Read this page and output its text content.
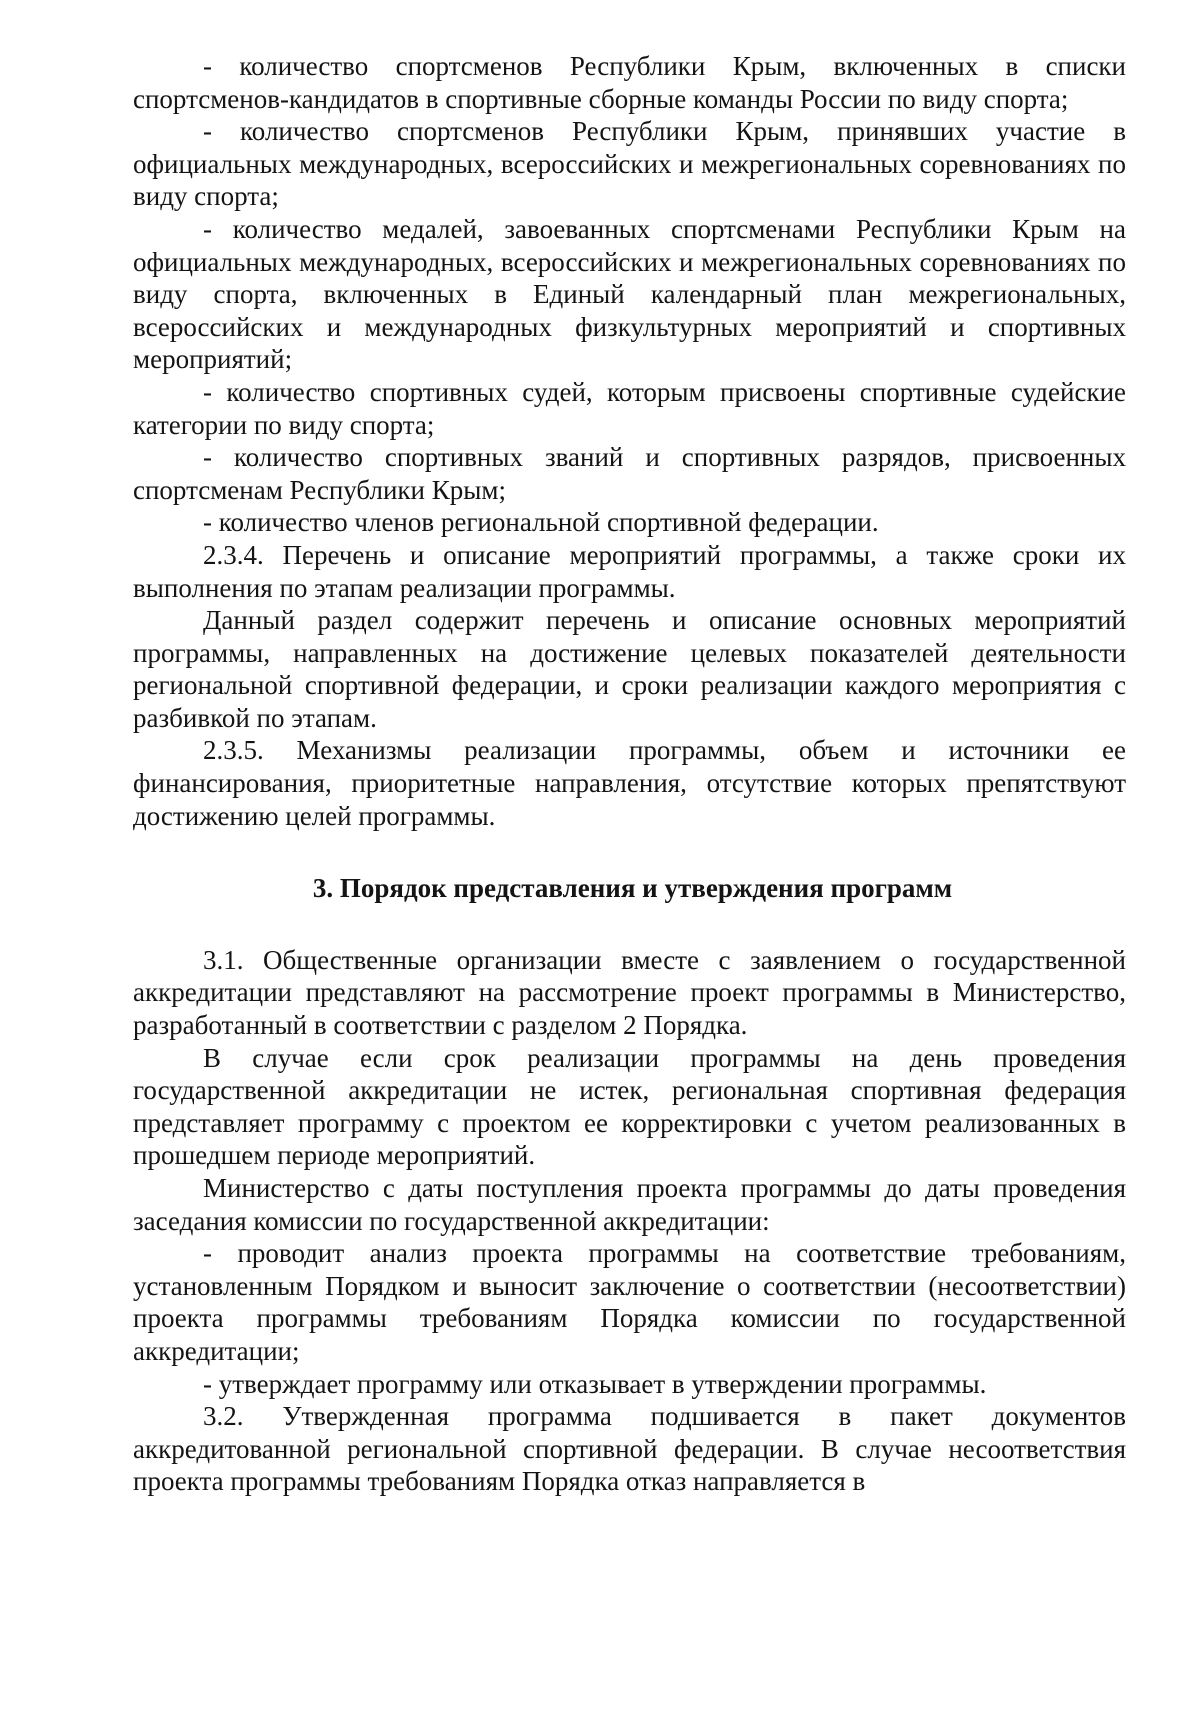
- количество спортсменов Республики Крым, включенных в списки спортсменов-кандидатов в спортивные сборные команды России по виду спорта;

- количество спортсменов Республики Крым, принявших участие в официальных международных, всероссийских и межрегиональных соревнованиях по виду спорта;

- количество медалей, завоеванных спортсменами Республики Крым на официальных международных, всероссийских и межрегиональных соревнованиях по виду спорта, включенных в Единый календарный план межрегиональных, всероссийских и международных физкультурных мероприятий и спортивных мероприятий;

- количество спортивных судей, которым присвоены спортивные судейские категории по виду спорта;

- количество спортивных званий и спортивных разрядов, присвоенных спортсменам Республики Крым;

- количество членов региональной спортивной федерации.

2.3.4. Перечень и описание мероприятий программы, а также сроки их выполнения по этапам реализации программы.

Данный раздел содержит перечень и описание основных мероприятий программы, направленных на достижение целевых показателей деятельности региональной спортивной федерации, и сроки реализации каждого мероприятия с разбивкой по этапам.

2.3.5. Механизмы реализации программы, объем и источники ее финансирования, приоритетные направления, отсутствие которых препятствуют достижению целей программы.

3. Порядок представления и утверждения программ

3.1. Общественные организации вместе с заявлением о государственной аккредитации представляют на рассмотрение проект программы в Министерство, разработанный в соответствии с разделом 2 Порядка.

В случае если срок реализации программы на день проведения государственной аккредитации не истек, региональная спортивная федерация представляет программу с проектом ее корректировки с учетом реализованных в прошедшем периоде мероприятий.

Министерство с даты поступления проекта программы до даты проведения заседания комиссии по государственной аккредитации:

- проводит анализ проекта программы на соответствие требованиям, установленным Порядком и выносит заключение о соответствии (несоответствии) проекта программы требованиям Порядка комиссии по государственной аккредитации;

- утверждает программу или отказывает в утверждении программы.

3.2. Утвержденная программа подшивается в пакет документов аккредитованной региональной спортивной федерации. В случае несоответствия проекта программы требованиям Порядка отказ направляется в
